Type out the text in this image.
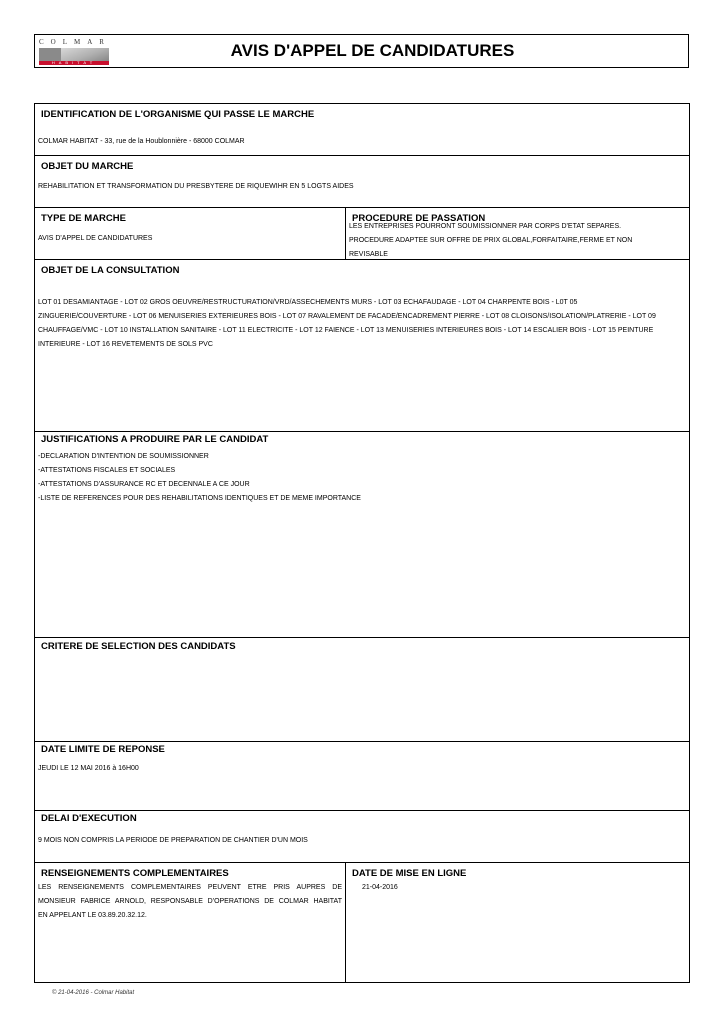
COLMAR
HABITAT
AVIS D'APPEL DE CANDIDATURES
IDENTIFICATION DE L'ORGANISME QUI PASSE LE MARCHE
COLMAR HABITAT - 33, rue de la Houblonnière - 68000 COLMAR
OBJET DU MARCHE
REHABILITATION ET TRANSFORMATION DU PRESBYTERE DE RIQUEWIHR EN 5 LOGTS AIDES
TYPE DE MARCHE
AVIS D'APPEL DE CANDIDATURES
PROCEDURE DE PASSATION
LES ENTREPRISES POURRONT SOUMISSIONNER PAR CORPS D'ETAT SEPARES.
PROCEDURE ADAPTEE SUR OFFRE DE PRIX GLOBAL,FORFAITAIRE,FERME ET NON
REVISABLE
OBJET DE LA CONSULTATION
LOT 01 DESAMIANTAGE - LOT 02 GROS OEUVRE/RESTRUCTURATION/VRD/ASSECHEMENTS MURS - LOT 03 ECHAFAUDAGE - LOT 04 CHARPENTE BOIS - L0T 05
ZINGUERIE/COUVERTURE - LOT 06 MENUISERIES EXTERIEURES BOIS - LOT 07 RAVALEMENT DE FACADE/ENCADREMENT PIERRE - LOT 08 CLOISONS/ISOLATION/PLATRERIE - LOT 09
CHAUFFAGE/VMC - LOT 10 INSTALLATION SANITAIRE - LOT 11 ELECTRICITE - LOT 12 FAIENCE - LOT 13 MENUISERIES INTERIEURES BOIS - LOT 14 ESCALIER BOIS - LOT 15 PEINTURE
INTERIEURE - LOT 16 REVETEMENTS DE SOLS PVC
JUSTIFICATIONS A PRODUIRE PAR LE CANDIDAT
-DECLARATION D'INTENTION DE SOUMISSIONNER
-ATTESTATIONS FISCALES ET SOCIALES
-ATTESTATIONS D'ASSURANCE RC ET DECENNALE A CE JOUR
-LISTE DE REFERENCES POUR DES REHABILITATIONS IDENTIQUES ET DE MEME IMPORTANCE
CRITERE DE SELECTION DES CANDIDATS
DATE LIMITE DE REPONSE
JEUDI LE 12 MAI 2016 à 16H00
DELAI D'EXECUTION
9 MOIS NON COMPRIS LA PERIODE DE PREPARATION DE CHANTIER D'UN MOIS
RENSEIGNEMENTS COMPLEMENTAIRES
LES RENSEIGNEMENTS COMPLEMENTAIRES PEUVENT ETRE PRIS AUPRES DE
MONSIEUR FABRICE ARNOLD, RESPONSABLE D'OPERATIONS DE COLMAR HABITAT
EN APPELANT LE 03.89.20.32.12.
DATE DE MISE EN LIGNE
21-04-2016
© 21-04-2016 - Colmar Habitat
